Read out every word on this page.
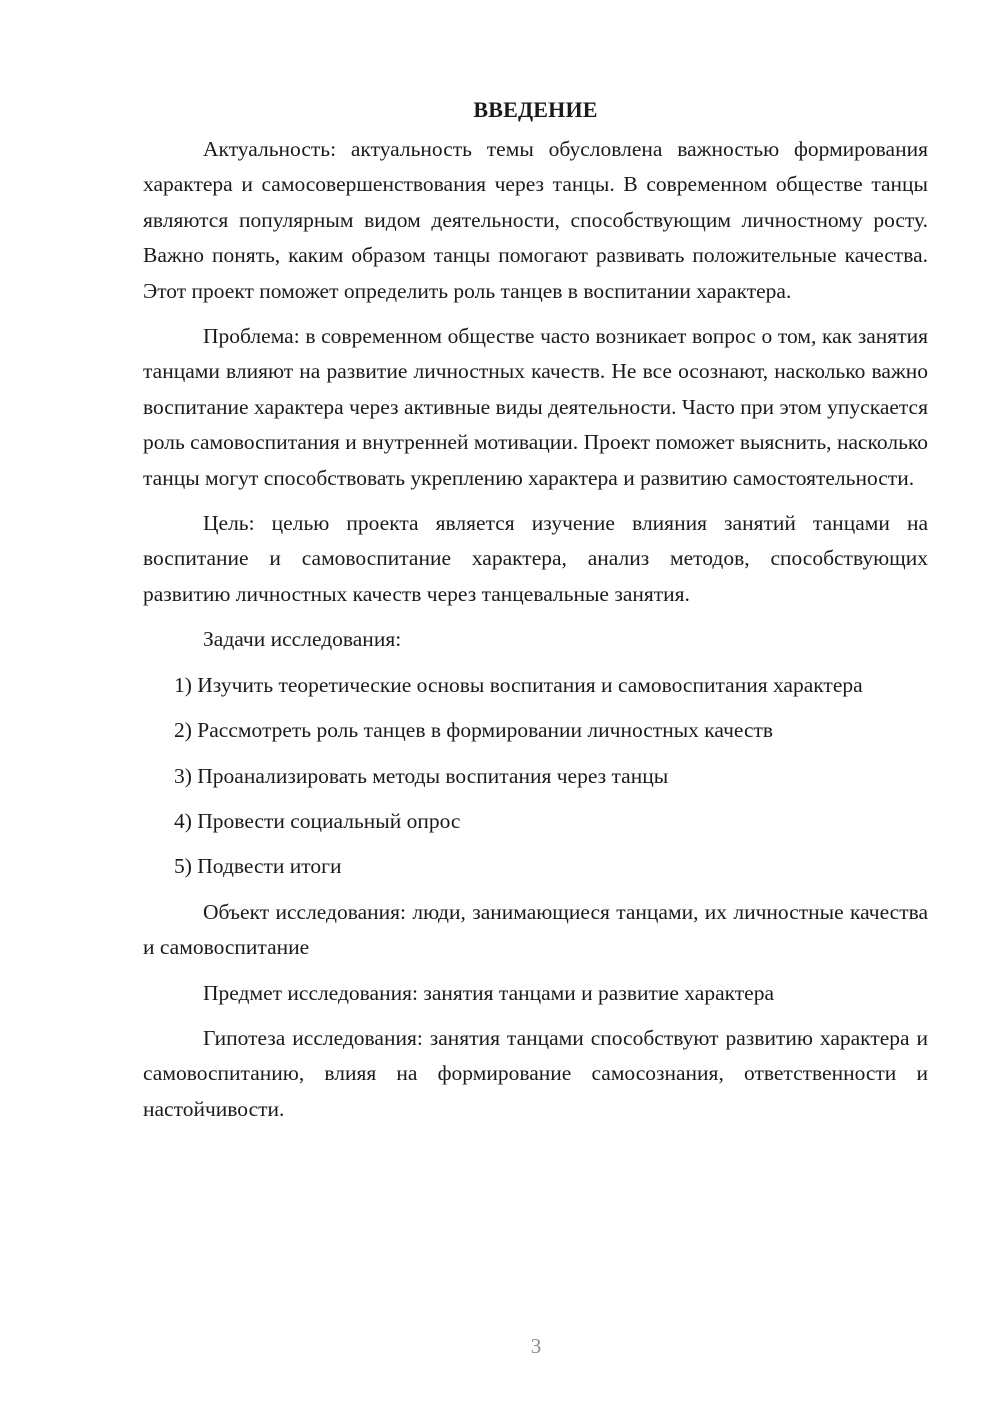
ВВЕДЕНИЕ

Актуальность: актуальность темы обусловлена важностью формирования характера и самосовершенствования через танцы. В современном обществе танцы являются популярным видом деятельности, способствующим личностному росту. Важно понять, каким образом танцы помогают развивать положительные качества. Этот проект поможет определить роль танцев в воспитании характера.

Проблема: в современном обществе часто возникает вопрос о том, как занятия танцами влияют на развитие личностных качеств. Не все осознают, насколько важно воспитание характера через активные виды деятельности. Часто при этом упускается роль самовоспитания и внутренней мотивации. Проект поможет выяснить, насколько танцы могут способствовать укреплению характера и развитию самостоятельности.

Цель: целью проекта является изучение влияния занятий танцами на воспитание и самовоспитание характера, анализ методов, способствующих развитию личностных качеств через танцевальные занятия.

Задачи исследования:

1) Изучить теоретические основы воспитания и самовоспитания характера

2) Рассмотреть роль танцев в формировании личностных качеств

3) Проанализировать методы воспитания через танцы

4) Провести социальный опрос

5) Подвести итоги

Объект исследования: люди, занимающиеся танцами, их личностные качества и самовоспитание

Предмет исследования: занятия танцами и развитие характера

Гипотеза исследования: занятия танцами способствуют развитию характера и самовоспитанию, влияя на формирование самосознания, ответственности и настойчивости.

3
